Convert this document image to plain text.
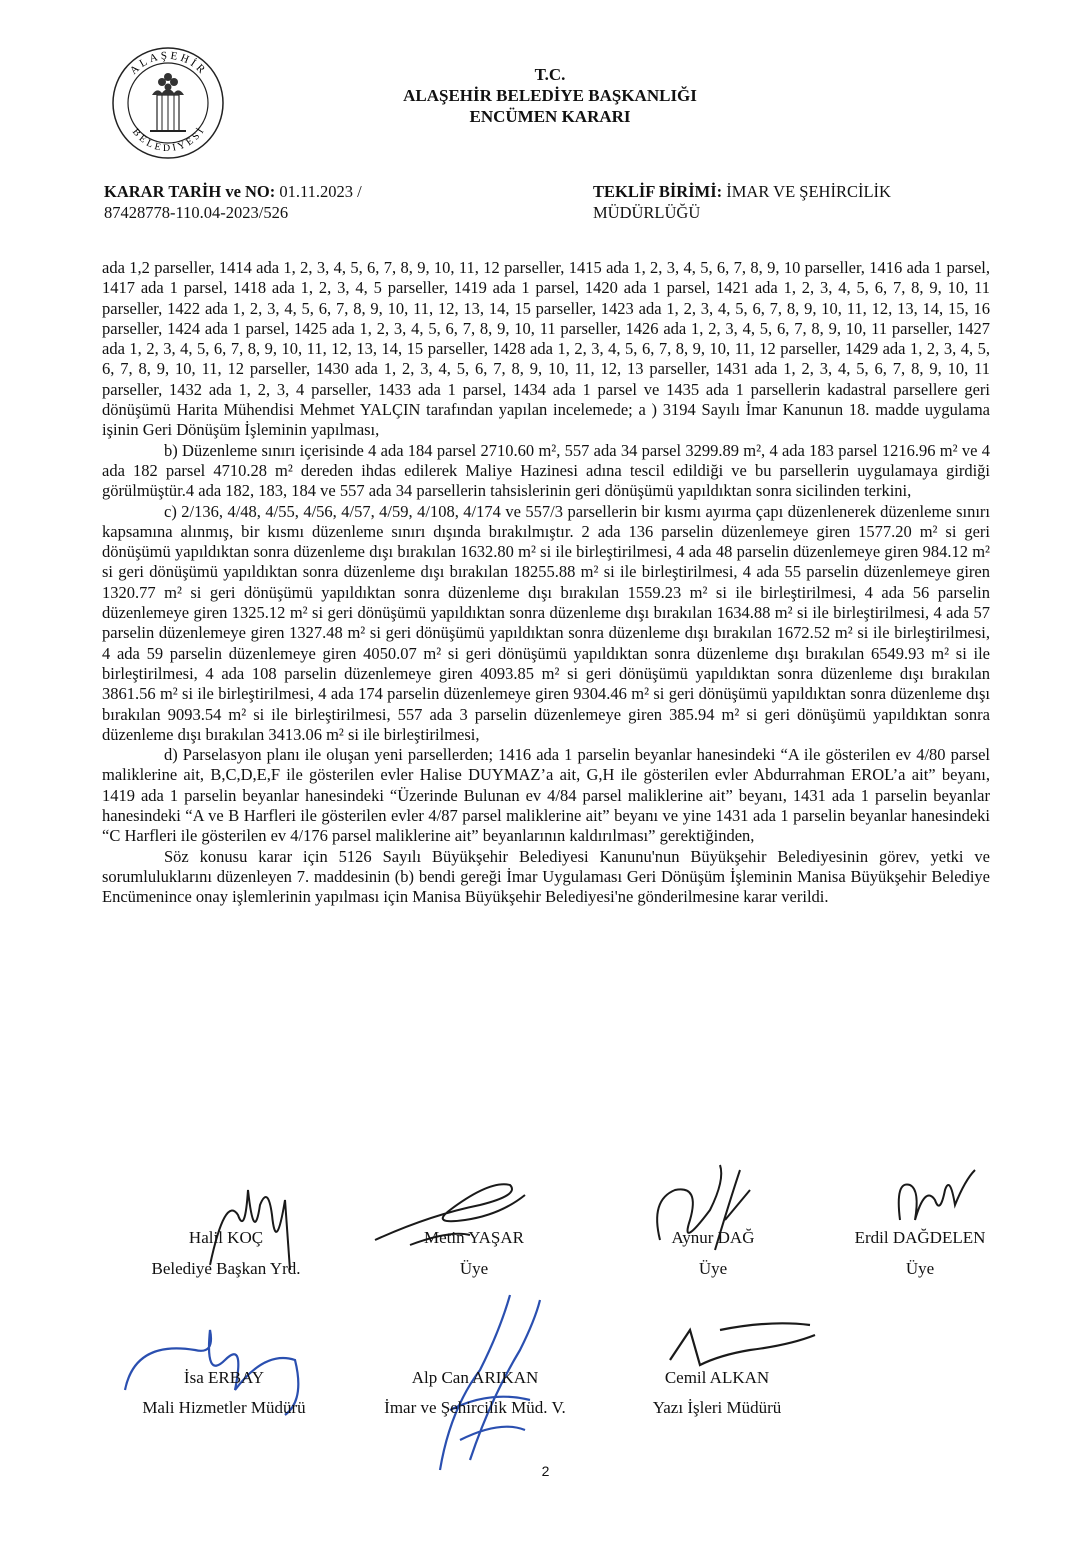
ALAŞEHİR
BELEDİYESİ
T.C.
ALAŞEHİR BELEDİYE BAŞKANLIĞI
ENCÜMEN KARARI
KARAR TARİH ve NO: 01.11.2023 /
87428778-110.04-2023/526
TEKLİF BİRİMİ: İMAR VE ŞEHİRCİLİK
MÜDÜRLÜĞÜ

ada 1,2 parseller, 1414 ada 1, 2, 3, 4, 5, 6, 7, 8, 9, 10, 11, 12 parseller, 1415 ada 1, 2, 3, 4, 5, 6, 7, 8, 9, 10 parseller, 1416 ada 1 parsel, 1417 ada 1 parsel, 1418 ada 1, 2, 3, 4, 5 parseller, 1419 ada 1 parsel, 1420 ada 1 parsel, 1421 ada 1, 2, 3, 4, 5, 6, 7, 8, 9, 10, 11 parseller, 1422 ada 1, 2, 3, 4, 5, 6, 7, 8, 9, 10, 11, 12, 13, 14, 15 parseller, 1423 ada 1, 2, 3, 4, 5, 6, 7, 8, 9, 10, 11, 12, 13, 14, 15, 16 parseller, 1424 ada 1 parsel, 1425 ada 1, 2, 3, 4, 5, 6, 7, 8, 9, 10, 11 parseller, 1426 ada 1, 2, 3, 4, 5, 6, 7, 8, 9, 10, 11 parseller, 1427 ada 1, 2, 3, 4, 5, 6, 7, 8, 9, 10, 11, 12, 13, 14, 15 parseller, 1428 ada 1, 2, 3, 4, 5, 6, 7, 8, 9, 10, 11, 12 parseller, 1429 ada 1, 2, 3, 4, 5, 6, 7, 8, 9, 10, 11, 12 parseller, 1430 ada 1, 2, 3, 4, 5, 6, 7, 8, 9, 10, 11, 12, 13 parseller, 1431 ada 1, 2, 3, 4, 5, 6, 7, 8, 9, 10, 11 parseller, 1432 ada 1, 2, 3, 4 parseller, 1433 ada 1 parsel, 1434 ada 1 parsel ve 1435 ada 1 parsellerin kadastral parsellere geri dönüşümü Harita Mühendisi Mehmet YALÇIN tarafından yapılan incelemede; a ) 3194 Sayılı İmar Kanunun 18. madde uygulama işinin Geri Dönüşüm İşleminin yapılması,

b) Düzenleme sınırı içerisinde 4 ada 184 parsel 2710.60 m², 557 ada 34 parsel 3299.89 m², 4 ada 183 parsel 1216.96 m² ve 4 ada 182 parsel 4710.28 m² dereden ihdas edilerek Maliye Hazinesi adına tescil edildiği ve bu parsellerin uygulamaya girdiği görülmüştür.4 ada 182, 183, 184 ve 557 ada 34 parsellerin tahsislerinin geri dönüşümü yapıldıktan sonra sicilinden terkini,

c) 2/136, 4/48, 4/55, 4/56, 4/57, 4/59, 4/108, 4/174 ve 557/3 parsellerin bir kısmı ayırma çapı düzenlenerek düzenleme sınırı kapsamına alınmış, bir kısmı düzenleme sınırı dışında bırakılmıştır. 2 ada 136 parselin düzenlemeye giren 1577.20 m² si geri dönüşümü yapıldıktan sonra düzenleme dışı bırakılan 1632.80 m² si ile birleştirilmesi, 4 ada 48 parselin düzenlemeye giren 984.12 m² si geri dönüşümü yapıldıktan sonra düzenleme dışı bırakılan 18255.88 m² si ile birleştirilmesi, 4 ada 55 parselin düzenlemeye giren 1320.77 m² si geri dönüşümü yapıldıktan sonra düzenleme dışı bırakılan 1559.23 m² si ile birleştirilmesi, 4 ada 56 parselin düzenlemeye giren 1325.12 m² si geri dönüşümü yapıldıktan sonra düzenleme dışı bırakılan 1634.88 m² si ile birleştirilmesi, 4 ada 57 parselin düzenlemeye giren 1327.48 m² si geri dönüşümü yapıldıktan sonra düzenleme dışı bırakılan 1672.52 m² si ile birleştirilmesi, 4 ada 59 parselin düzenlemeye giren 4050.07 m² si geri dönüşümü yapıldıktan sonra düzenleme dışı bırakılan 6549.93 m² si ile birleştirilmesi, 4 ada 108 parselin düzenlemeye giren 4093.85 m² si geri dönüşümü yapıldıktan sonra düzenleme dışı bırakılan 3861.56 m² si ile birleştirilmesi, 4 ada 174 parselin düzenlemeye giren 9304.46 m² si geri dönüşümü yapıldıktan sonra düzenleme dışı bırakılan 9093.54 m² si ile birleştirilmesi, 557 ada 3 parselin düzenlemeye giren 385.94 m² si geri dönüşümü yapıldıktan sonra düzenleme dışı bırakılan 3413.06 m² si ile birleştirilmesi,

d) Parselasyon planı ile oluşan yeni parsellerden; 1416 ada 1 parselin beyanlar hanesindeki “A ile gösterilen ev 4/80 parsel maliklerine ait, B,C,D,E,F ile gösterilen evler Halise DUYMAZ’a ait, G,H ile gösterilen evler Abdurrahman EROL’a ait” beyanı, 1419 ada 1 parselin beyanlar hanesindeki “Üzerinde Bulunan ev 4/84 parsel maliklerine ait” beyanı, 1431 ada 1 parselin beyanlar hanesindeki “A ve B Harfleri ile gösterilen evler 4/87 parsel maliklerine ait” beyanı ve yine 1431 ada 1 parselin beyanlar hanesindeki “C Harfleri ile gösterilen ev 4/176 parsel maliklerine ait” beyanlarının kaldırılması” gerektiğinden,

Söz konusu karar için 5126 Sayılı Büyükşehir Belediyesi Kanunu'nun Büyükşehir Belediyesinin görev, yetki ve sorumluluklarını düzenleyen 7. maddesinin (b) bendi gereği İmar Uygulaması Geri Dönüşüm İşleminin Manisa Büyükşehir Belediye Encümenince onay işlemlerinin yapılması için Manisa Büyükşehir Belediyesi'ne gönderilmesine karar verildi.

Halil KOÇ
Belediye Başkan Yrd.
Metin YAŞAR
Üye
Aynur DAĞ
Üye
Erdil DAĞDELEN
Üye
İsa ERBAY
Mali Hizmetler Müdürü
Alp Can ARIKAN
İmar ve Şehircilik Müd. V.
Cemil ALKAN
Yazı İşleri Müdürü
2
